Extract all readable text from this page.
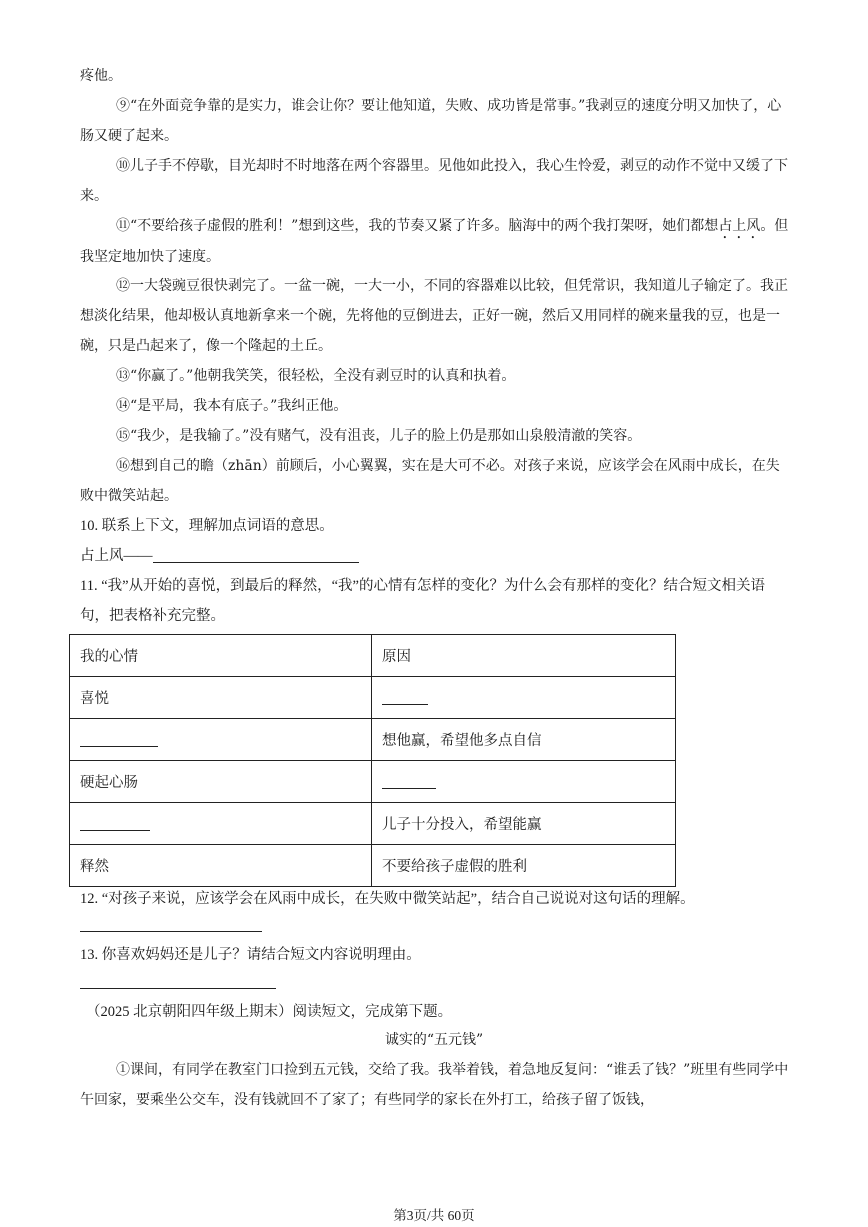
疼他。

⑨“在外面竞争靠的是实力，谁会让你？要让他知道，失败、成功皆是常事。”我剥豆的速度分明又加快了，心肠又硬了起来。

⑩儿子手不停歇，目光却时不时地落在两个容器里。见他如此投入，我心生怜爱，剥豆的动作不觉中又缓了下来。

⑪“不要给孩子虚假的胜利！”想到这些，我的节奏又紧了许多。脑海中的两个我打架呀，她们都想占上风。但我坚定地加快了速度。

⑫一大袋豌豆很快剥完了。一盆一碗，一大一小，不同的容器难以比较，但凭常识，我知道儿子输定了。我正想淡化结果，他却极认真地新拿来一个碗，先将他的豆倒进去，正好一碗，然后又用同样的碗来量我的豆，也是一碗，只是凸起来了，像一个隆起的土丘。

⑬“你赢了。”他朝我笑笑，很轻松，全没有剥豆时的认真和执着。

⑭“是平局，我本有底子。”我纠正他。

⑮“我少，是我输了。”没有赌气，没有沮丧，儿子的脸上仍是那如山泉般清澈的笑容。

⑯想到自己的瞻（zhān）前顾后，小心翼翼，实在是大可不必。对孩子来说，应该学会在风雨中成长，在失败中微笑站起。

10. 联系上下文，理解加点词语的意思。

占上风——

11. “我”从开始的喜悦，到最后的释然，“我”的心情有怎样的变化？为什么会有那样的变化？结合短文相关语句，把表格补充完整。

我的心情	原因
喜悦	
	想他赢，希望他多点自信
硬起心肠	
	儿子十分投入，希望能赢
释然	不要给孩子虚假的胜利

12. “对孩子来说，应该学会在风雨中成长，在失败中微笑站起”，结合自己说说对这句话的理解。

13. 你喜欢妈妈还是儿子？请结合短文内容说明理由。

（2025 北京朝阳四年级上期末）阅读短文，完成第下题。

诚实的“五元钱”

①课间，有同学在教室门口捡到五元钱，交给了我。我举着钱，着急地反复问：“谁丢了钱？”班里有些同学中午回家，要乘坐公交车，没有钱就回不了家了；有些同学的家长在外打工，给孩子留了饭钱，

第3页/共 60页
